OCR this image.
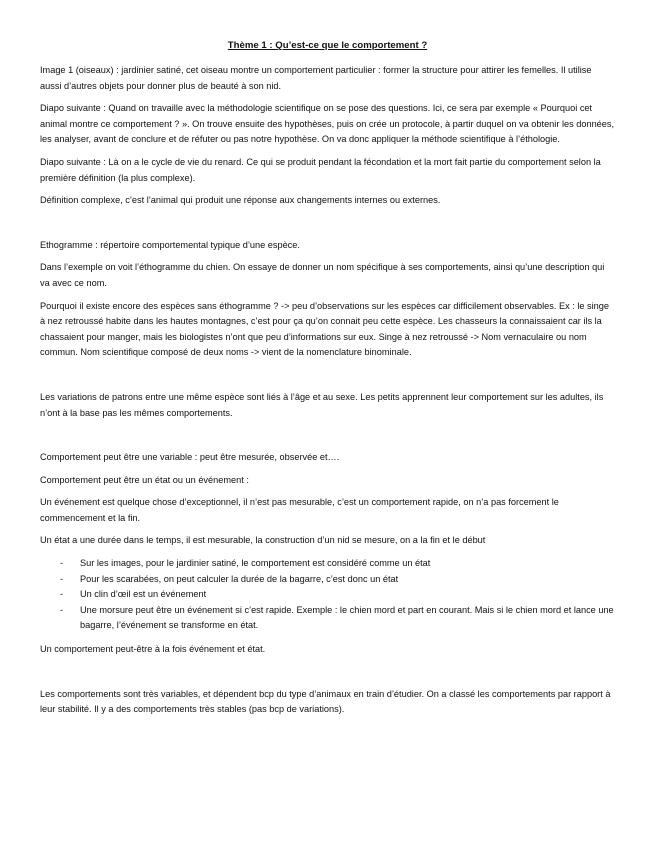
Thème 1 : Qu’est-ce que le comportement ?

Image 1 (oiseaux) : jardinier satiné, cet oiseau montre un comportement particulier : former la structure pour attirer les femelles. Il utilise aussi d’autres objets pour donner plus de beauté à son nid.

Diapo suivante : Quand on travaille avec la méthodologie scientifique on se pose des questions. Ici, ce sera par exemple « Pourquoi cet animal montre ce comportement ? ». On trouve ensuite des hypothèses, puis on crée un protocole, à partir duquel on va obtenir les données, les analyser, avant de conclure et de réfuter ou pas notre hypothèse. On va donc appliquer la méthode scientifique à l’éthologie.

Diapo suivante : Là on a le cycle de vie du renard. Ce qui se produit pendant la fécondation et la mort fait partie du comportement selon la première définition (la plus complexe).

Définition complexe, c’est l’animal qui produit une réponse aux changements internes ou externes.

Ethogramme : répertoire comportemental typique d’une espèce.

Dans l’exemple on voit l’éthogramme du chien. On essaye de donner un nom spécifique à ses comportements, ainsi qu’une description qui va avec ce nom.

Pourquoi il existe encore des espèces sans éthogramme ? -> peu d’observations sur les espèces car difficilement observables. Ex : le singe à nez retroussé habite dans les hautes montagnes, c’est pour ça qu’on connait peu cette espèce. Les chasseurs la connaissaient car ils la chassaient pour manger, mais les biologistes n’ont que peu d’informations sur eux. Singe à nez retroussé -> Nom vernaculaire ou nom commun. Nom scientifique composé de deux noms -> vient de la nomenclature binominale.

Les variations de patrons entre une même espèce sont liés à l’âge et au sexe. Les petits apprennent leur comportement sur les adultes, ils n’ont à la base pas les mêmes comportements.

Comportement peut être une variable : peut être mesurée, observée et….

Comportement peut être un état ou un événement :

Un événement est quelque chose d’exceptionnel, il n’est pas mesurable, c’est un comportement rapide, on n’a pas forcement le commencement et la fin.

Un état a une durée dans le temps, il est mesurable, la construction d’un nid se mesure, on a la fin et le début

- Sur les images, pour le jardinier satiné, le comportement est considéré comme un état
- Pour les scarabées, on peut calculer la durée de la bagarre, c’est donc un état
- Un clin d’œil est un événement
- Une morsure peut être un événement si c’est rapide. Exemple : le chien mord et part en courant. Mais si le chien mord et lance une bagarre, l’événement se transforme en état.

Un comportement peut-être à la fois événement et état.

Les comportements sont très variables, et dépendent bcp du type d’animaux en train d’étudier. On a classé les comportements par rapport à leur stabilité. Il y a des comportements très stables (pas bcp de variations).
